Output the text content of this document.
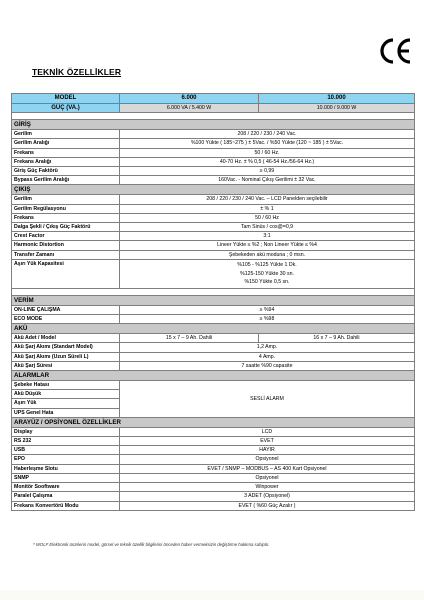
TEKNİK ÖZELLİKLER
MODEL	6.000	10.000
GÜÇ (VA.)	6.000 VA / 5.400 W	10.000 / 9.000 W

GİRİŞ		
Gerilim	208 / 220 / 230 / 240 Vac.	
Gerilim Aralığı	%100 Yükte ( 185~275 ) ± 5Vac. / %50 Yükte (120 ~ 185 ) ± 5Vac.	
Frekans	50 / 60 Hz.	
Frekans Aralığı	40-70 Hz. ± % 0,5 ( 46-54 Hz./56-64 Hz.)	
Giriş Güç Faktörü	≥ 0,99	
Bypass Gerilim Aralığı	160Vac. - Nominal Çıkış Gerilimi ± 32 Vac.	
ÇIKIŞ		
Gerilim	208 / 220 / 230 / 240 Vac. – LCD Panelden seçilebilir	
Gerilim Regülasyonu	± % 1	
Frekans	50 / 60 Hz	
Dalga Şekli / Çıkış Güç Faktörü	Tam Sinüs / cos@=0,9	
Crest Factor	3:1	
Harmonic Distortion	Lineer Yükte ≤ %2 ; Non Lineer Yükte ≤ %4	
Transfer Zamanı	Şebekeden akü moduna ; 0 msn.	
Aşırı Yük Kapasitesi	%105 - %125 Yükte 1 Dk.
%125-150 Yükte 30 sn.
%150 Yükte 0,5 sn.	

VERİM		
ON-LINE ÇALIŞMA	≥ %94	
ECO MODE	≥ %98	
AKÜ		
Akü Adet / Model	15 x 7 – 9 Ah. Dahili	16 x 7 – 9 Ah. Dahili
Akü Şarj Akımı (Standart Model)	1,2 Amp.	
Akü Şarj Akımı (Uzun Süreli L)	4 Amp.	
Akü Şarj Süresi	7 saatte %90 capasite	
ALARMLAR		
Şebeke Hatası	SESLİ ALARM	
Akü Düşük		
Aşırı Yük		
UPS Genel Hata		
ARAYÜZ / OPSİYONEL ÖZELLİKLER		
Display	LCD	
RS 232	EVET	
USB	HAYIR	
EPO	Opsiyonel	
Haberleşme Slotu	EVET / SNMP – MODBUS – AS 400 Kart Opsiyonel	
SNMP	Opsiyonel	
Monitör Sooftware	Winpower	
Paralel Çalışma	3 ADET (Opsiyonel)	
Frekans Konvertörü Modu	EVET ( %60 Güç Azalır )	
* WOLF Elektronik ürünlerin model, görsel ve teknik özellik bilgilerini önceden haber vermeksizin değiştirme hakkına sahiptir.
